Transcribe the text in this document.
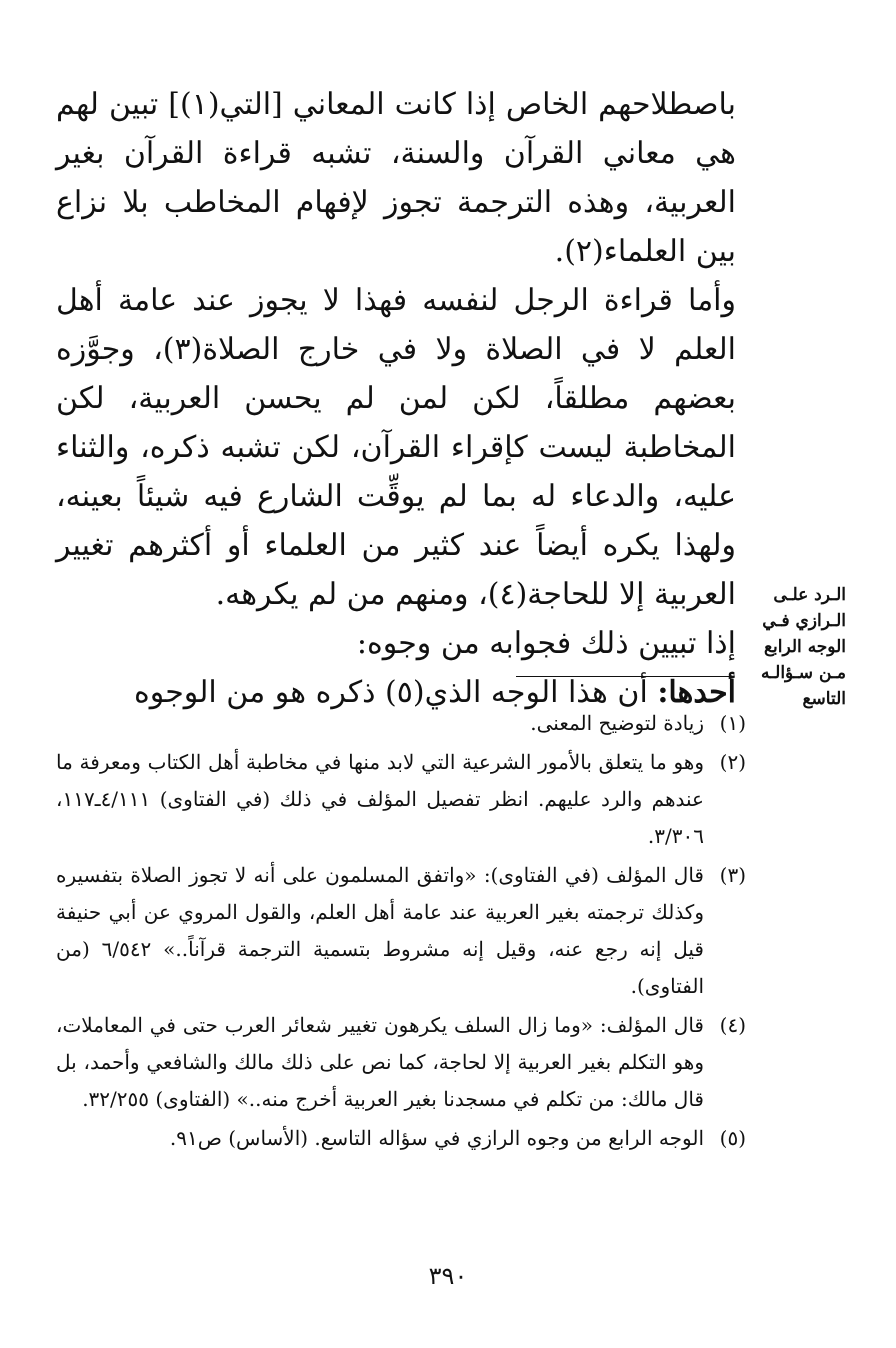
باصطلاحهم الخاص إذا كانت المعاني [التي(١)] تبين لهم هي معاني القرآن والسنة، تشبه قراءة القرآن بغير العربية، وهذه الترجمة تجوز لإفهام المخاطب بلا نزاع بين العلماء(٢).

وأما قراءة الرجل لنفسه فهذا لا يجوز عند عامة أهل العلم لا في الصلاة ولا في خارج الصلاة(٣)، وجوَّزه بعضهم مطلقاً، لكن لمن لم يحسن العربية، لكن المخاطبة ليست كإقراء القرآن، لكن تشبه ذكره، والثناء عليه، والدعاء له بما لم يوقِّت الشارع فيه شيئاً بعينه، ولهذا يكره أيضاً عند كثير من العلماء أو أكثرهم تغيير العربية إلا للحاجة(٤)، ومنهم من لم يكرهه.

إذا تبيين ذلك فجوابه من وجوه:

أحدها: أن هذا الوجه الذي(٥) ذكره هو من الوجوه

الـرد علـى الـرازي فـي الوجه الرابع مـن سـؤالـه التاسع
(١)
زيادة لتوضيح المعنى.
(٢)
وهو ما يتعلق بالأمور الشرعية التي لابد منها في مخاطبة أهل الكتاب ومعرفة ما عندهم والرد عليهم. انظر تفصيل المؤلف في ذلك (في الفتاوى) ٤/١١١ـ١١٧، ٣/٣٠٦.
(٣)
قال المؤلف (في الفتاوى): «واتفق المسلمون على أنه لا تجوز الصلاة بتفسيره وكذلك ترجمته بغير العربية عند عامة أهل العلم، والقول المروي عن أبي حنيفة قيل إنه رجع عنه، وقيل إنه مشروط بتسمية الترجمة قرآناً..» ٦/٥٤٢ (من الفتاوى).
(٤)
قال المؤلف: «وما زال السلف يكرهون تغيير شعائر العرب حتى في المعاملات، وهو التكلم بغير العربية إلا لحاجة، كما نص على ذلك مالك والشافعي وأحمد، بل قال مالك: من تكلم في مسجدنا بغير العربية أخرج منه..» (الفتاوى) ٣٢/٢٥٥.
(٥)
الوجه الرابع من وجوه الرازي في سؤاله التاسع. (الأساس) ص٩١.
٣٩٠
